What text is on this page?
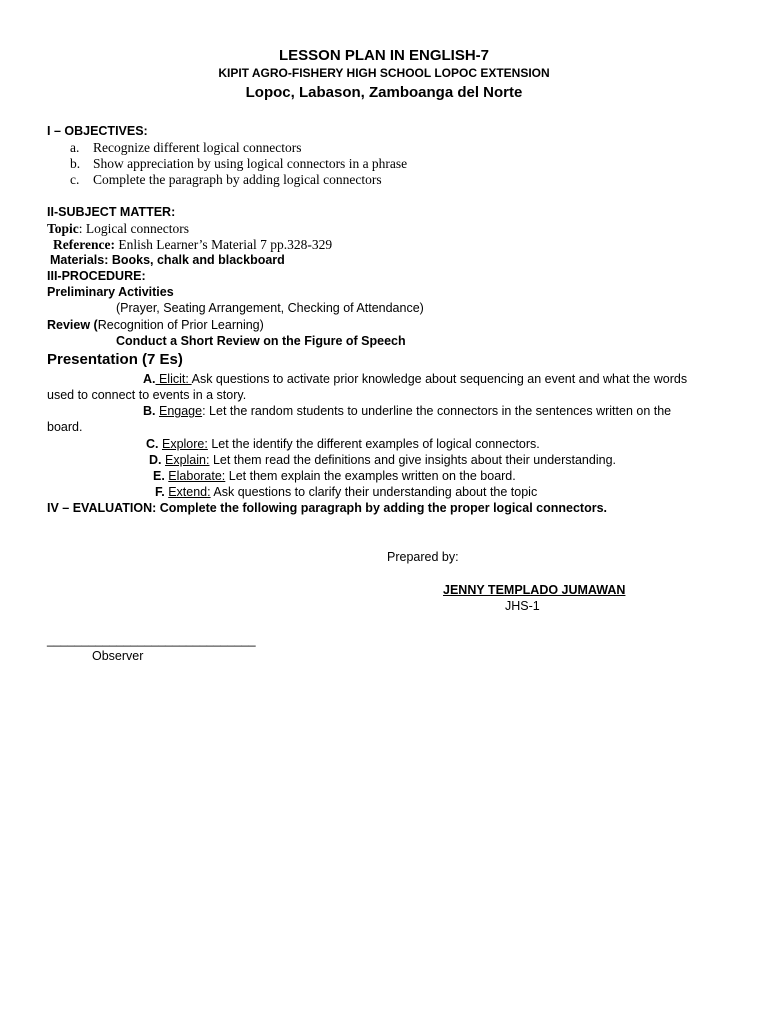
LESSON PLAN IN ENGLISH-7
KIPIT AGRO-FISHERY HIGH SCHOOL LOPOC EXTENSION
Lopoc, Labason, Zamboanga del Norte
I – OBJECTIVES:
a. Recognize different logical connectors
b. Show appreciation by using logical connectors in a phrase
c. Complete the paragraph by adding logical connectors
II-SUBJECT MATTER:
Topic: Logical connectors
Reference: Enlish Learner’s Material 7 pp.328-329
Materials: Books, chalk and blackboard
III-PROCEDURE:
Preliminary Activities
(Prayer, Seating Arrangement, Checking of Attendance)
Review (Recognition of Prior Learning)
Conduct a Short Review on the Figure of Speech
Presentation (7 Es)
A. Elicit: Ask questions to activate prior knowledge about sequencing an event and what the words
used to connect to events in a story.
B. Engage: Let the random students to underline the connectors in the sentences written on the
board.
C. Explore: Let the identify the different examples of logical connectors.
D. Explain: Let them read the definitions and give insights about their understanding.
E. Elaborate: Let them explain the examples written on the board.
F. Extend: Ask questions to clarify their understanding about the topic
IV – EVALUATION: Complete the following paragraph by adding the proper logical connectors.
Prepared by:
JENNY TEMPLADO JUMAWAN
JHS-1
______________________________
Observer
